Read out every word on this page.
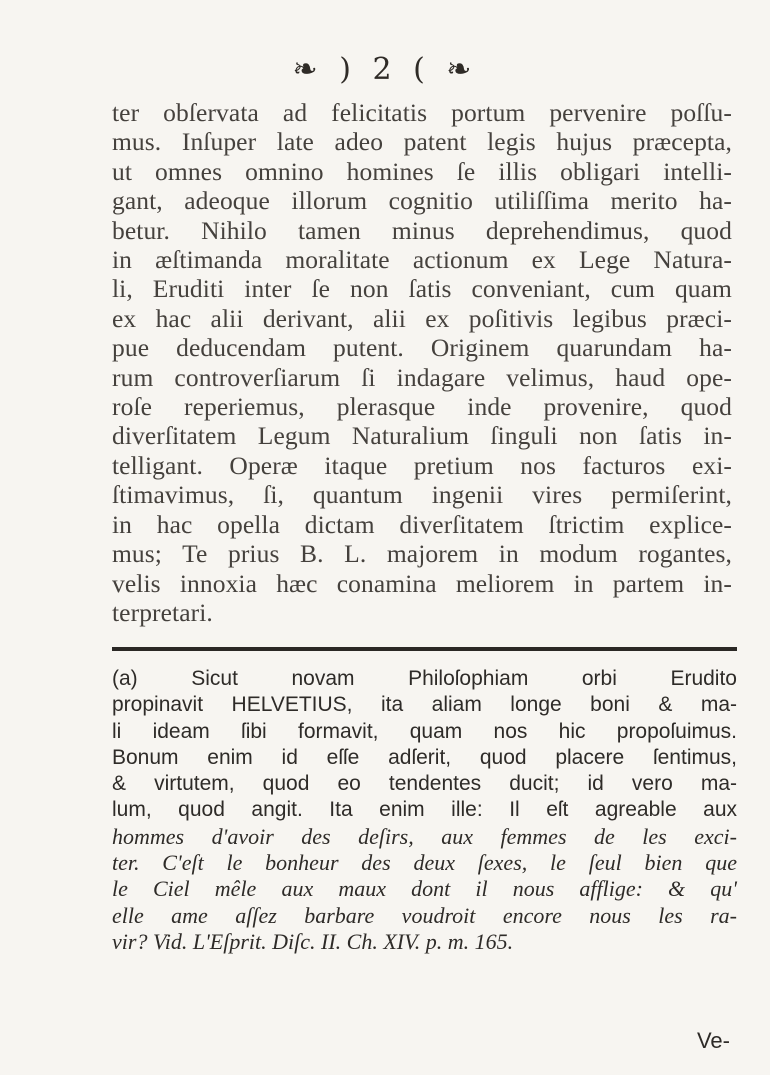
❧ ) 2 ( ❧
ter obſervata ad felicitatis portum pervenire poſſu-
mus. Inſuper late adeo patent legis hujus præcepta,
ut omnes omnino homines ſe illis obligari intelli-
gant, adeoque illorum cognitio utiliſſima merito ha-
betur. Nihilo tamen minus deprehendimus, quod
in æſtimanda moralitate actionum ex Lege Natura-
li, Eruditi inter ſe non ſatis conveniant, cum quam
ex hac alii derivant, alii ex poſitivis legibus præci-
pue deducendam putent. Originem quarundam ha-
rum controverſiarum ſi indagare velimus, haud ope-
roſe reperiemus, plerasque inde provenire, quod
diverſitatem Legum Naturalium ſinguli non ſatis in-
telligant. Operæ itaque pretium nos facturos exi-
ſtimavimus, ſi, quantum ingenii vires permiſerint,
in hac opella dictam diverſitatem ſtrictim explice-
mus; Te prius B. L. majorem in modum rogantes,
velis innoxia hæc conamina meliorem in partem in-
terpretari.
(a) Sicut novam Philoſophiam orbi Erudito
propinavit HELVETIUS, ita aliam longe boni & ma-
li ideam ſibi formavit, quam nos hic propoſuimus.
Bonum enim id eſſe adſerit, quod placere ſentimus,
& virtutem, quod eo tendentes ducit; id vero ma-
lum, quod angit. Ita enim ille: Il eſt agreable aux
hommes d'avoir des deſirs, aux femmes de les exci-
ter. C'eſt le bonheur des deux ſexes, le ſeul bien que
le Ciel mêle aux maux dont il nous afflige: & qu'
elle ame aſſez barbare voudroit encore nous les ra-
vir? Vid. L'Eſprit. Diſc. II. Ch. XIV. p. m. 165.
Ve-
